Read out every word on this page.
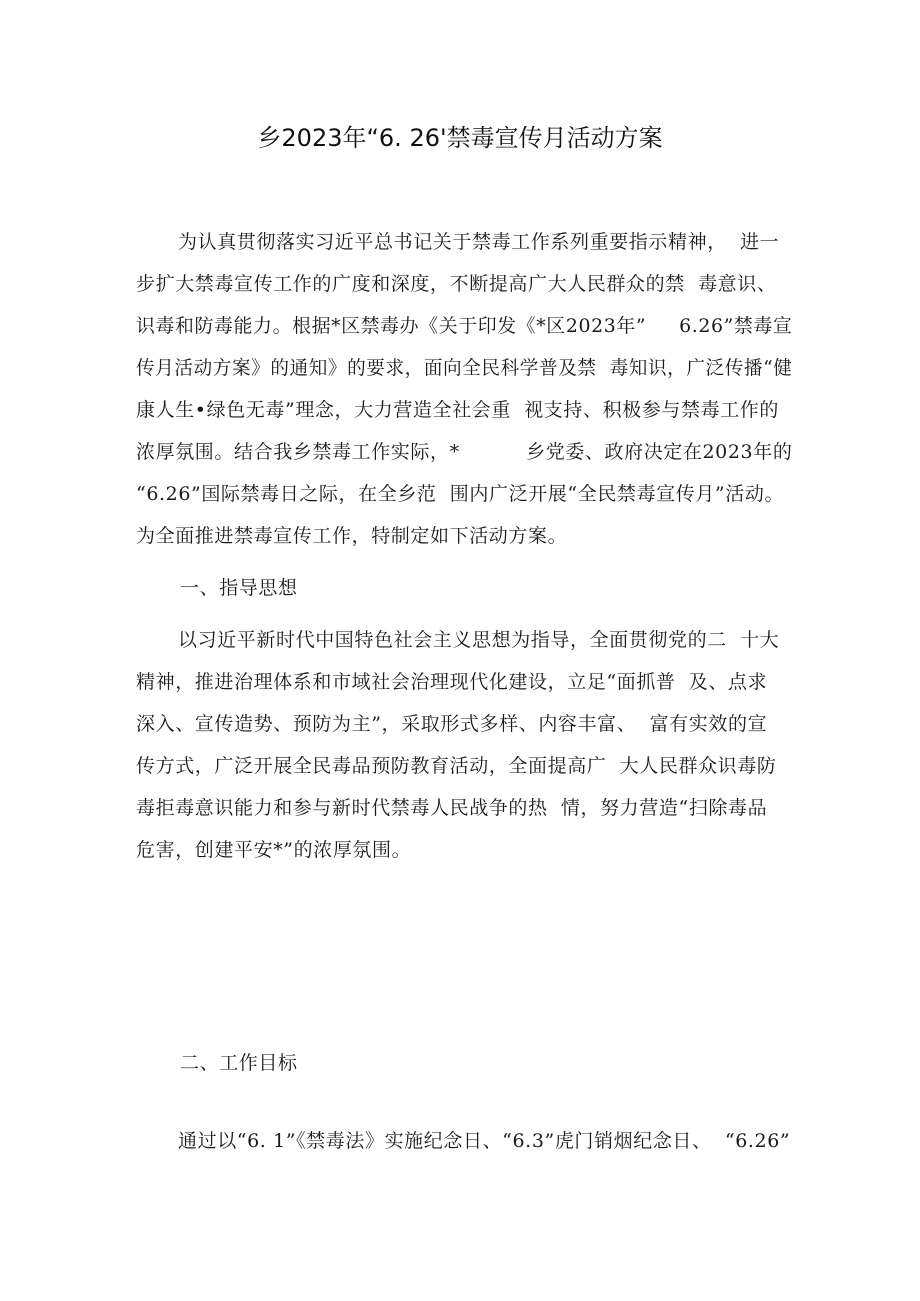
乡2023年“6. 26'禁毒宣传月活动方案
为认真贯彻落实习近平总书记关于禁毒工作系列重要指示精神，  进一
步扩大禁毒宣传工作的广度和深度，不断提高广大人民群众的禁  毒意识、
识毒和防毒能力。根据*区禁毒办《关于印发《*区2023年”     6.26”禁毒宣
传月活动方案》的通知》的要求，面向全民科学普及禁  毒知识，广泛传播“健
康人生•绿色无毒”理念，大力营造全社会重  视支持、积极参与禁毒工作的
浓厚氛围。结合我乡禁毒工作实际，*          乡党委、政府决定在2023年的
“6.26”国际禁毒日之际，在全乡范  围内广泛开展“全民禁毒宣传月”活动。
为全面推进禁毒宣传工作，特制定如下活动方案。
一、指导思想
以习近平新时代中国特色社会主义思想为指导，全面贯彻党的二  十大
精神，推进治理体系和市域社会治理现代化建设，立足“面抓普  及、点求
深入、宣传造势、预防为主”，采取形式多样、内容丰富、  富有实效的宣
传方式，广泛开展全民毒品预防教育活动，全面提高广  大人民群众识毒防
毒拒毒意识能力和参与新时代禁毒人民战争的热  情，努力营造“扫除毒品
危害，创建平安*”的浓厚氛围。
二、工作目标
通过以“6. 1”《禁毒法》实施纪念日、“6.3”虎门销烟纪念日、  “6.26”
